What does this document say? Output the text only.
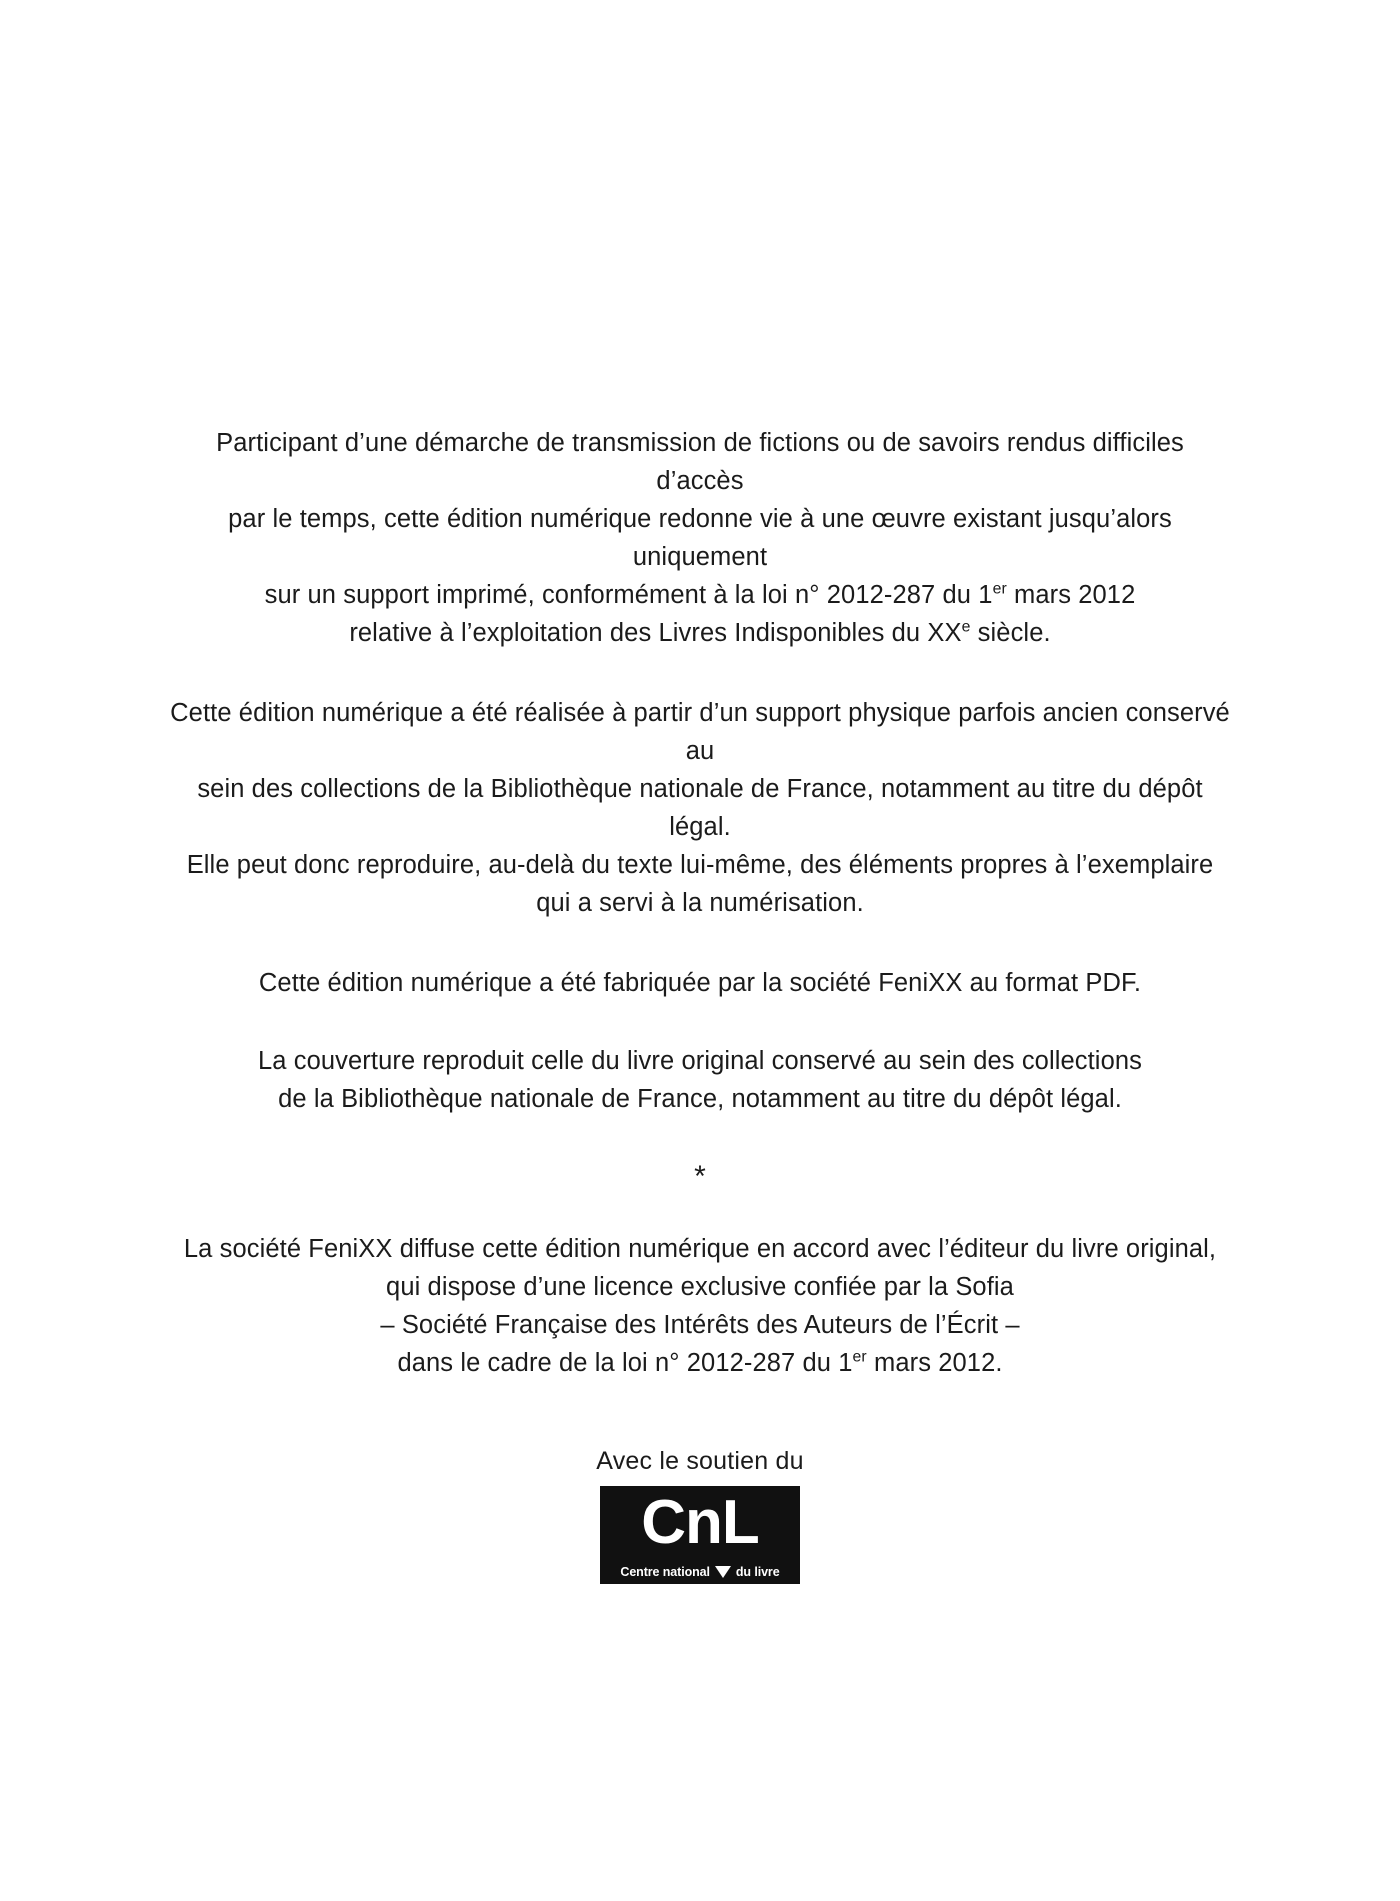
Participant d’une démarche de transmission de fictions ou de savoirs rendus difficiles d’accès
par le temps, cette édition numérique redonne vie à une œuvre existant jusqu’alors uniquement
sur un support imprimé, conformément à la loi n° 2012-287 du 1er mars 2012
relative à l’exploitation des Livres Indisponibles du XXe siècle.

Cette édition numérique a été réalisée à partir d’un support physique parfois ancien conservé au
sein des collections de la Bibliothèque nationale de France, notamment au titre du dépôt légal.
Elle peut donc reproduire, au-delà du texte lui-même, des éléments propres à l’exemplaire
qui a servi à la numérisation.

Cette édition numérique a été fabriquée par la société FeniXX au format PDF.

La couverture reproduit celle du livre original conservé au sein des collections
de la Bibliothèque nationale de France, notamment au titre du dépôt légal.

*

La société FeniXX diffuse cette édition numérique en accord avec l’éditeur du livre original,
qui dispose d’une licence exclusive confiée par la Sofia
– Société Française des Intérêts des Auteurs de l’Écrit –
dans le cadre de la loi n° 2012-287 du 1er mars 2012.

Avec le soutien du
CnL
Centre national du livre
